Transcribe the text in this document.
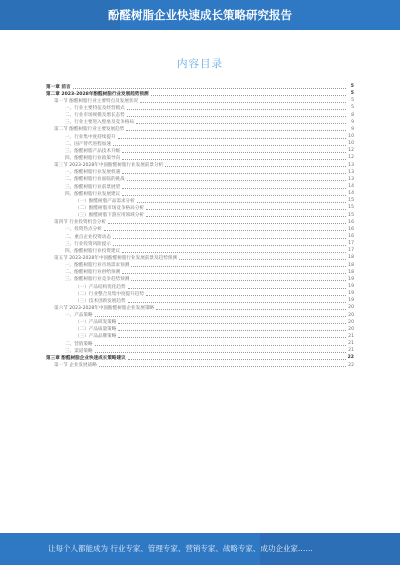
酚醛树脂企业快速成长策略研究报告
内容目录
第一章 前言	5
第二章 2023-2028年酚醛树脂行业发展趋势预测	5
第一节 酚醛树脂行业主要特点及发展状况	5
一、行业主要特征及经营模式	5
二、行业市场规模及增长态势	8
三、行业主要进入壁垒及竞争格局	9
第二节 酚醛树脂行业主要发展趋势	9
一、行业集中度持续提升	10
二、国产替代进程加速	10
三、酚醛树脂产品技术升级	12
四、酚醛树脂行业政策导向	12
第三节 2023-2028年中国酚醛树脂行业发展前景分析	13
一、酚醛树脂行业发展机遇	13
二、酚醛树脂行业面临的挑战	13
三、酚醛树脂行业前景展望	14
四、酚醛树脂行业发展建议	14
（一）酚醛树脂产品需求分析	15
（二）酚醛树脂市场竞争格局分析	15
（三）酚醛树脂下游应用领域分析	15
第四节 行业投资机会分析	16
一、投资热点分析	16
二、重点企业投资动态	16
三、行业投资风险提示	17
四、酚醛树脂行业投资建议	17
第五节 2023-2028年中国酚醛树脂行业发展前景及趋势预测	18
一、酚醛树脂行业市场需求预测	18
二、酚醛树脂行业供给预测	18
三、酚醛树脂行业竞争趋势预测	19
（一）产品结构优化趋势	19
（二）行业整合及集中度提升趋势	19
（三）技术创新发展趋势	19
第六节 2023-2028年中国酚醛树脂企业发展策略	20
一、产品策略	20
（一）产品研发策略	20
（二）产品质量策略	20
（三）产品品牌策略	21
二、营销策略	21
三、渠道策略	21
第三章 酚醛树脂企业快速成长策略建议	22
第一节 企业发展战略	22
让每个人都能成为 行业专家、管理专家、营销专家、战略专家、成功企业家……
